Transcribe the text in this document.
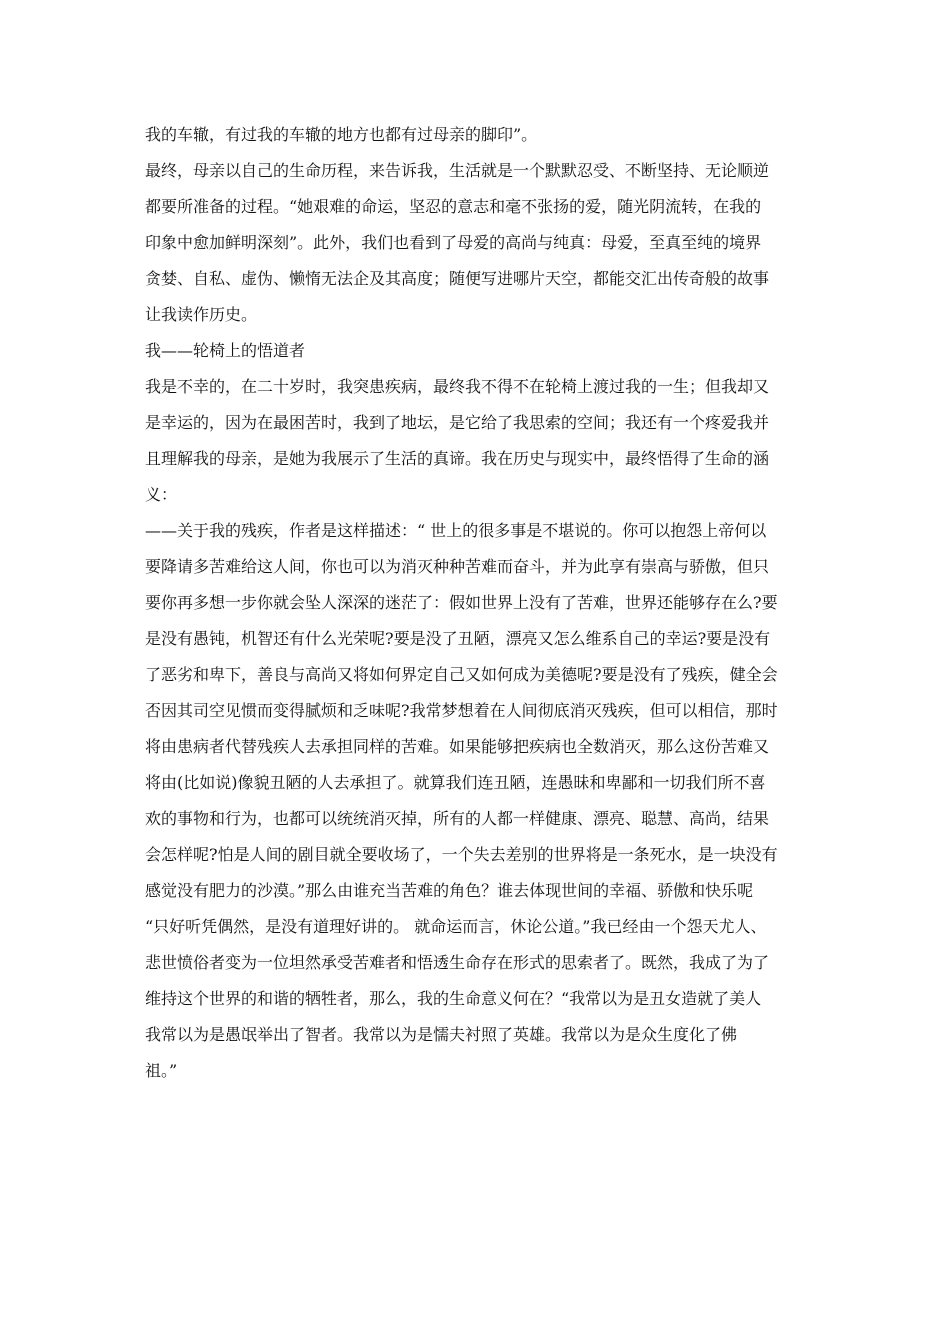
我的车辙，有过我的车辙的地方也都有过母亲的脚印”。
最终，母亲以自己的生命历程，来告诉我，生活就是一个默默忍受、不断坚持、无论顺逆
都要所准备的过程。“她艰难的命运，坚忍的意志和毫不张扬的爱，随光阴流转，在我的
印象中愈加鲜明深刻”。此外，我们也看到了母爱的高尚与纯真：母爱，至真至纯的境界
贪婪、自私、虚伪、懒惰无法企及其高度；随便写进哪片天空，都能交汇出传奇般的故事
让我读作历史。
我——轮椅上的悟道者
我是不幸的，在二十岁时，我突患疾病，最终我不得不在轮椅上渡过我的一生；但我却又
是幸运的，因为在最困苦时，我到了地坛，是它给了我思索的空间；我还有一个疼爱我并
且理解我的母亲，是她为我展示了生活的真谛。我在历史与现实中，最终悟得了生命的涵
义：
——关于我的残疾，作者是这样描述：“ 世上的很多事是不堪说的。你可以抱怨上帝何以
要降请多苦难给这人间，你也可以为消灭种种苦难而奋斗，并为此享有崇高与骄傲，但只
要你再多想一步你就会坠人深深的迷茫了：假如世界上没有了苦难，世界还能够存在么?要
是没有愚钝，机智还有什么光荣呢?要是没了丑陋，漂亮又怎么维系自己的幸运?要是没有
了恶劣和卑下，善良与高尚又将如何界定自己又如何成为美德呢?要是没有了残疾，健全会
否因其司空见惯而变得腻烦和乏味呢?我常梦想着在人间彻底消灭残疾，但可以相信，那时
将由患病者代替残疾人去承担同样的苦难。如果能够把疾病也全数消灭，那么这份苦难又
将由(比如说)像貌丑陋的人去承担了。就算我们连丑陋，连愚昧和卑鄙和一切我们所不喜
欢的事物和行为，也都可以统统消灭掉，所有的人都一样健康、漂亮、聪慧、高尚，结果
会怎样呢?怕是人间的剧目就全要收场了，一个失去差别的世界将是一条死水，是一块没有
感觉没有肥力的沙漠。”那么由谁充当苦难的角色？谁去体现世间的幸福、骄傲和快乐呢
“只好听凭偶然，是没有道理好讲的。 就命运而言，休论公道。”我已经由一个怨天尤人、
悲世愤俗者变为一位坦然承受苦难者和悟透生命存在形式的思索者了。既然，我成了为了
维持这个世界的和谐的牺牲者，那么，我的生命意义何在？“我常以为是丑女造就了美人
我常以为是愚氓举出了智者。我常以为是懦夫衬照了英雄。我常以为是众生度化了佛
祖。”
